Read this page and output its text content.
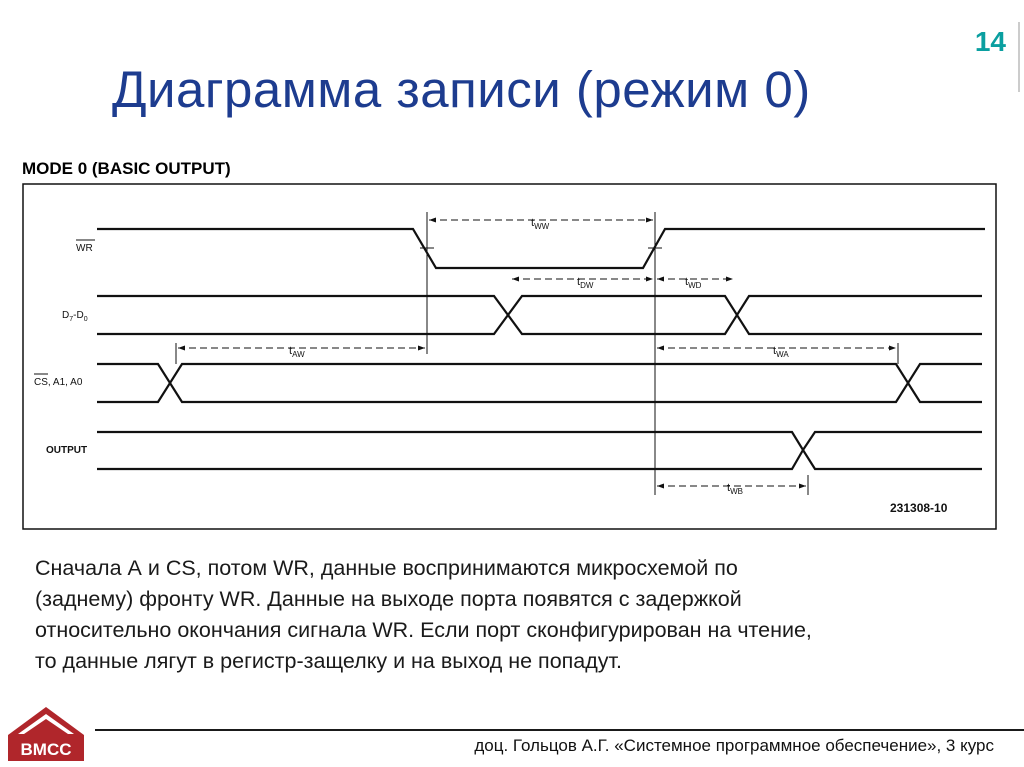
14
Диаграмма записи (режим 0)
MODE 0 (BASIC OUTPUT)
$t_{WW}$
$t_{DW}$	$t_{WD}$
$t_{AW}$	$t_{WA}$
$t_{WB}$
WR
$D_7-D_0$
CS, A1, A0
OUTPUT
231308-10
Сначала А и CS, потом WR, данные воспринимаются микросхемой по
(заднему) фронту WR. Данные на выходе порта появятся с задержкой
относительно окончания сигнала WR. Если порт сконфигурирован на чтение,
то данные лягут в регистр-защелку и на выход не попадут.
ВМСС	доц. Гольцов А.Г. «Системное программное обеспечение», 3 курс
